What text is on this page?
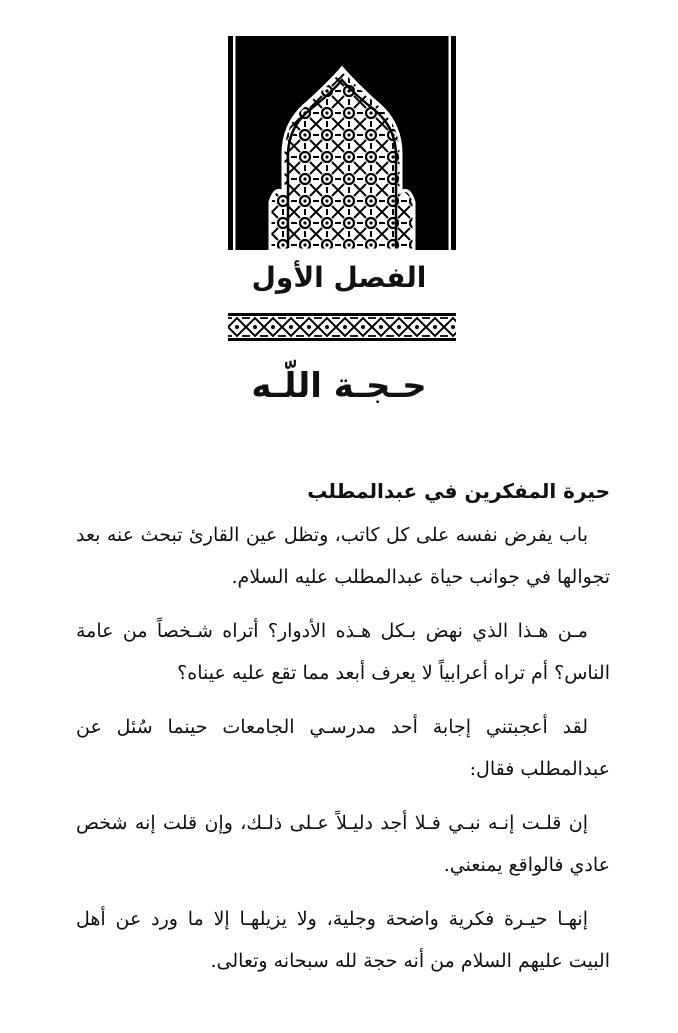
الفصل الأول
حـجـة اللّـه
حيرة المفكرين في عبدالمطلب

باب يفرض نفسه على كل كاتب، وتظل عين القارئ تبحث عنه بعد تجوالها في جوانب حياة عبدالمطلب عليه السلام.

مـن هـذا الذي نهض بـكل هـذه الأدوار؟ أتراه شـخصاً من عامة الناس؟ أم تراه أعرابياً لا يعرف أبعد مما تقع عليه عيناه؟

لقد أعجبتني إجابة أحد مدرسـي الجامعات حينما سُئل عن عبدالمطلب فقال:

إن قلـت إنـه نبـي فـلا أجد دليـلاً عـلى ذلـك، وإن قلت إنه شخص عادي فالواقع يمنعني.

إنهـا حيـرة فكرية واضحة وجلية، ولا يزيلهـا إلا ما ورد عن أهل البيت عليهم السلام من أنه حجة لله سبحانه وتعالى.
